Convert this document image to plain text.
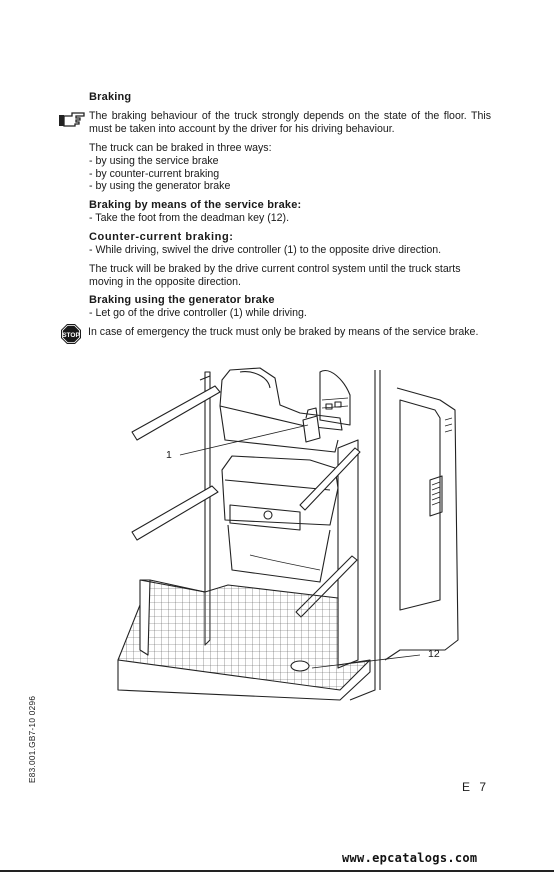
Braking
The braking behaviour of the truck strongly depends on the state of the floor. This must be taken into account by the driver for his driving behaviour.
The truck can be braked in three ways:
- by using the service brake
- by counter-current braking
- by using the generator brake
Braking by means of the service brake:
- Take the foot from the deadman key (12).
Counter-current braking:
- While driving, swivel the drive controller (1) to the opposite drive direction.
The truck will be braked by the drive current control system until the truck starts moving in the opposite direction.
Braking using the generator brake
- Let go of the drive controller (1) while driving.
STOP In case of emergency the truck must only be braked by means of the service brake.
1
12
E83.001.GB7-10 0296
E 7
www.epcatalogs.com
